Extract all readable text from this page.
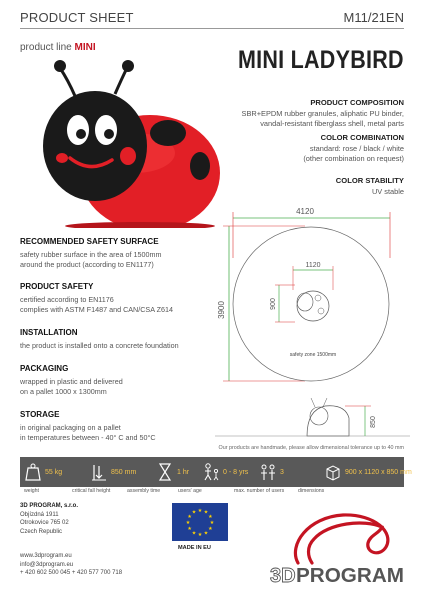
PRODUCT SHEET	M11/21EN
product line MINI	MINI LADYBIRD
PRODUCT COMPOSITION
SBR+EPDM rubber granules, aliphatic PU binder,
vandal-resistant fiberglass shell, metal parts
COLOR COMBINATION
standard: rose / black / white
(other combination on request)
COLOR STABILITY
UV stable
RECOMMENDED SAFETY SURFACE
safety rubber surface in the area of 1500mm
around the product (according to EN1177)
PRODUCT SAFETY
certified according to EN1176
complies with ASTM F1487 and CAN/CSA Z614
INSTALLATION
the product is installed onto a concrete foundation
PACKAGING
wrapped in plastic and delivered
on a pallet 1000 x 1300mm
STORAGE
in original packaging on a pallet
in temperatures between - 40° C and 50°C
4120
3900
1120
900
safety zone 1500mm
850
Our products are handmade, please allow dimensional tolerance up to 40 mm
55 kg	850 mm	1 hr	0 - 8 yrs	3	900 x 1120 x 850 mm
weight	critical fall height	assembly time	users' age	max. number of users	dimensions
3D PROGRAM, s.r.o.
Objízdná 1911
Otrokovice 765 02
Czech Republic
www.3dprogram.eu
info@3dprogram.eu
+ 420 602 500 045 + 420 577 700 718
★ ★
★
★
★
★
★
★
★
★
★
★
MADE IN EU
3D PROGRAM
